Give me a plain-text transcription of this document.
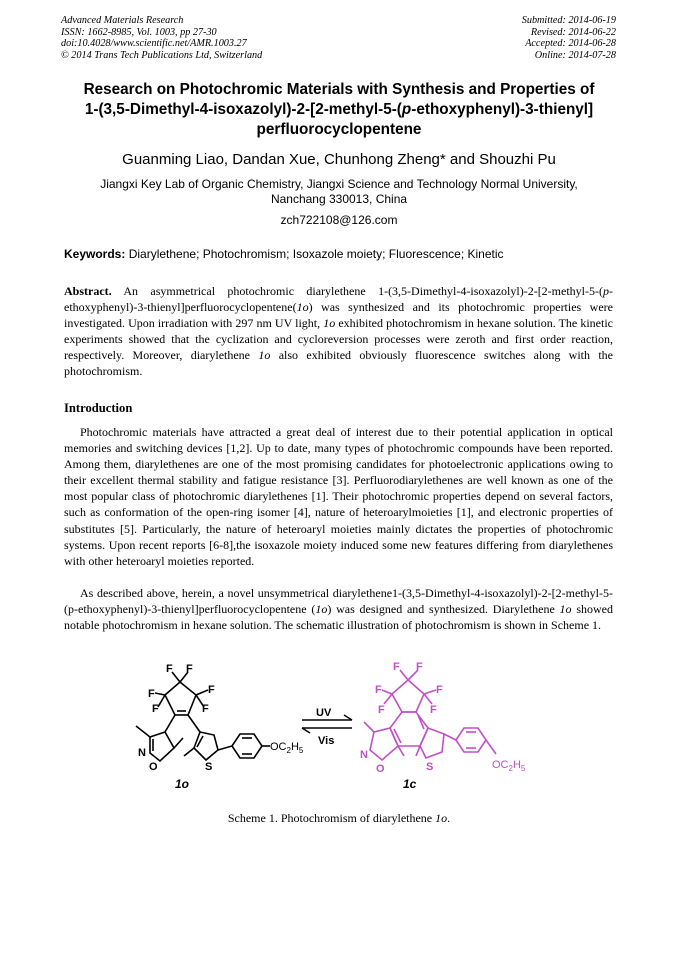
Advanced Materials Research
ISSN: 1662-8985, Vol. 1003, pp 27-30
doi:10.4028/www.scientific.net/AMR.1003.27
© 2014 Trans Tech Publications Ltd, Switzerland
Submitted: 2014-06-19
Revised: 2014-06-22
Accepted: 2014-06-28
Online: 2014-07-28
Research on Photochromic Materials with Synthesis and Properties of
1-(3,5-Dimethyl-4-isoxazolyl)-2-[2-methyl-5-(p-ethoxyphenyl)-3-thienyl]
perfluorocyclopentene
Guanming Liao, Dandan Xue, Chunhong Zheng* and Shouzhi Pu
Jiangxi Key Lab of Organic Chemistry, Jiangxi Science and Technology Normal University,
Nanchang 330013, China
zch722108@126.com
Keywords: Diarylethene; Photochromism; Isoxazole moiety; Fluorescence; Kinetic

Abstract. An asymmetrical photochromic diarylethene 1-(3,5-Dimethyl-4-isoxazolyl)-2-[2-methyl-5-(p-ethoxyphenyl)-3-thienyl]perfluorocyclopentene(1o) was synthesized and its photochromic properties were investigated. Upon irradiation with 297 nm UV light, 1o exhibited photochromism in hexane solution. The kinetic experiments showed that the cyclization and cycloreversion processes were zeroth and first order reaction, respectively. Moreover, diarylethene 1o also exhibited obviously fluorescence switches along with the photochromism.

Introduction

Photochromic materials have attracted a great deal of interest due to their potential application in optical memories and switching devices [1,2]. Up to date, many types of photochromic compounds have been reported. Among them, diarylethenes are one of the most promising candidates for photoelectronic applications owing to their excellent thermal stability and fatigue resistance [3]. Perfluorodiarylethenes are well known as one of the most popular class of photochromic diarylethenes [1]. Their photochromic properties depend on several factors, such as conformation of the open-ring isomer [4], nature of heteroarylmoieties [1], and electronic properties of substitutes [5]. Particularly, the nature of heteroaryl moieties mainly dictates the properties of photochromic systems. Upon recent reports [6-8],the isoxazole moiety induced some new features differing from diarylethenes with other heteroaryl moieties reported.

As described above, herein, a novel unsymmetrical diarylethene1-(3,5-Dimethyl-4-isoxazolyl)-2-[2-methyl-5-(p-ethoxyphenyl)-3-thienyl]perfluorocyclopentene (1o) was designed and synthesized. Diarylethene 1o showed notable photochromism in hexane solution. The schematic illustration of photochromism is shown in Scheme 1.

F
F
F F
F
F
N
O	S
$OC_2H_5$
1o
UV
Vis
F
F
F F
F
F
N
O	S	$OC_2H_5$
1c
Scheme 1. Photochromism of diarylethene 1o.
